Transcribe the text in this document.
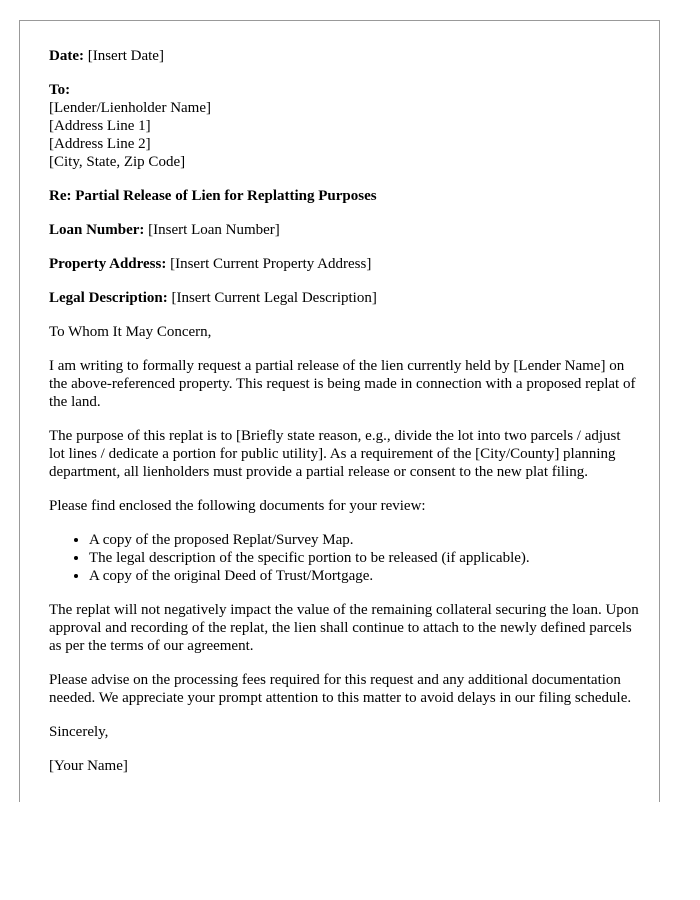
Date: [Insert Date]

To:
[Lender/Lienholder Name]
[Address Line 1]
[Address Line 2]
[City, State, Zip Code]

Re: Partial Release of Lien for Replatting Purposes

Loan Number: [Insert Loan Number]

Property Address: [Insert Current Property Address]

Legal Description: [Insert Current Legal Description]

To Whom It May Concern,

I am writing to formally request a partial release of the lien currently held by [Lender Name] on the above-referenced property. This request is being made in connection with a proposed replat of the land.

The purpose of this replat is to [Briefly state reason, e.g., divide the lot into two parcels / adjust lot lines / dedicate a portion for public utility]. As a requirement of the [City/County] planning department, all lienholders must provide a partial release or consent to the new plat filing.

Please find enclosed the following documents for your review:

• A copy of the proposed Replat/Survey Map.
• The legal description of the specific portion to be released (if applicable).
• A copy of the original Deed of Trust/Mortgage.

The replat will not negatively impact the value of the remaining collateral securing the loan. Upon approval and recording of the replat, the lien shall continue to attach to the newly defined parcels as per the terms of our agreement.

Please advise on the processing fees required for this request and any additional documentation needed. We appreciate your prompt attention to this matter to avoid delays in our filing schedule.

Sincerely,

[Your Name]
